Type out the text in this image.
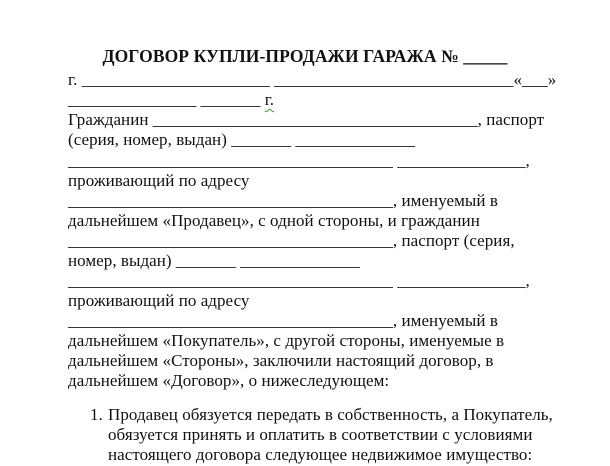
ДОГОВОР КУПЛИ-ПРОДАЖИ ГАРАЖА № _____
г. ______________________ ____________________________«___»
_______________ _______ г.
Гражданин ______________________________________, паспорт
(серия, номер, выдан) _______ ______________
______________________________________ _______________,
проживающий по адресу
______________________________________, именуемый в
дальнейшем «Продавец», с одной стороны, и гражданин
______________________________________, паспорт (серия,
номер, выдан) _______ ______________
______________________________________ _______________,
проживающий по адресу
______________________________________, именуемый в
дальнейшем «Покупатель», с другой стороны, именуемые в
дальнейшем «Стороны», заключили настоящий договор, в
дальнейшем «Договор», о нижеследующем:
1. Продавец обязуется передать в собственность, а Покупатель,
обязуется принять и оплатить в соответствии с условиями
настоящего договора следующее недвижимое имущество:
